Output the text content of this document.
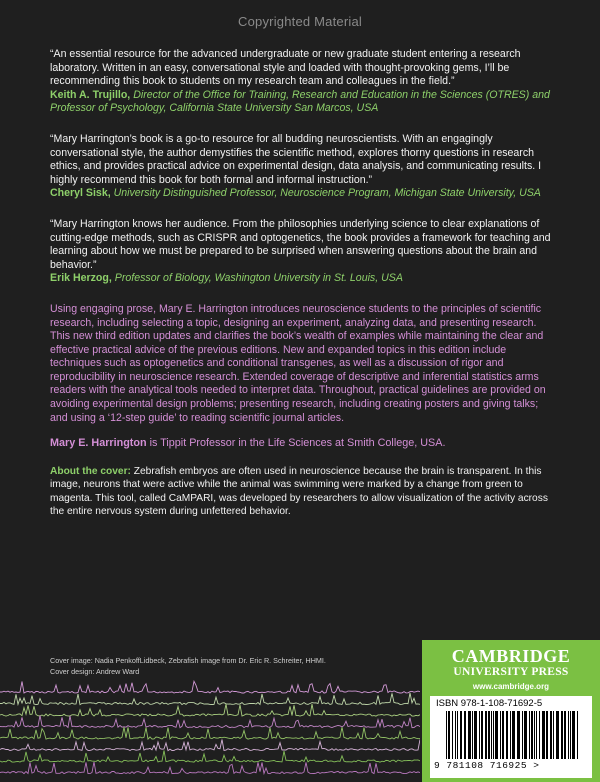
Copyrighted Material

“An essential resource for the advanced undergraduate or new graduate student entering a research laboratory. Written in an easy, conversational style and loaded with thought-provoking gems, I’ll be recommending this book to students on my research team and colleagues in the field.”

Keith A. Trujillo, Director of the Office for Training, Research and Education in the Sciences (OTRES) and Professor of Psychology, California State University San Marcos, USA

“Mary Harrington’s book is a go-to resource for all budding neuroscientists. With an engagingly conversational style, the author demystifies the scientific method, explores thorny questions in research ethics, and provides practical advice on experimental design, data analysis, and communicating results. I highly recommend this book for both formal and informal instruction.”

Cheryl Sisk, University Distinguished Professor, Neuroscience Program, Michigan State University, USA

“Mary Harrington knows her audience. From the philosophies underlying science to clear explanations of cutting-edge methods, such as CRISPR and optogenetics, the book provides a framework for teaching and learning about how we must be prepared to be surprised when answering questions about the brain and behavior.”

Erik Herzog, Professor of Biology, Washington University in St. Louis, USA

Using engaging prose, Mary E. Harrington introduces neuroscience students to the principles of scientific research, including selecting a topic, designing an experiment, analyzing data, and presenting research. This new third edition updates and clarifies the book’s wealth of examples while maintaining the clear and effective practical advice of the previous editions. New and expanded topics in this edition include techniques such as optogenetics and conditional transgenes, as well as a discussion of rigor and reproducibility in neuroscience research. Extended coverage of descriptive and inferential statistics arms readers with the analytical tools needed to interpret data. Throughout, practical guidelines are provided on avoiding experimental design problems; presenting research, including creating posters and giving talks; and using a ‘12-step guide’ to reading scientific journal articles.

Mary E. Harrington is Tippit Professor in the Life Sciences at Smith College, USA.

About the cover: Zebrafish embryos are often used in neuroscience because the brain is transparent. In this image, neurons that were active while the animal was swimming were marked by a change from green to magenta. This tool, called CaMPARI, was developed by researchers to allow visualization of the activity across the entire nervous system during unfettered behavior.

Cover image: Nadia PenkoffLidbeck, Zebrafish image from Dr. Eric R. Schreiter, HHMI.
Cover design: Andrew Ward
CAMBRIDGE
UNIVERSITY PRESS
www.cambridge.org
ISBN 978-1-108-71692-5
9 781108 716925 >
